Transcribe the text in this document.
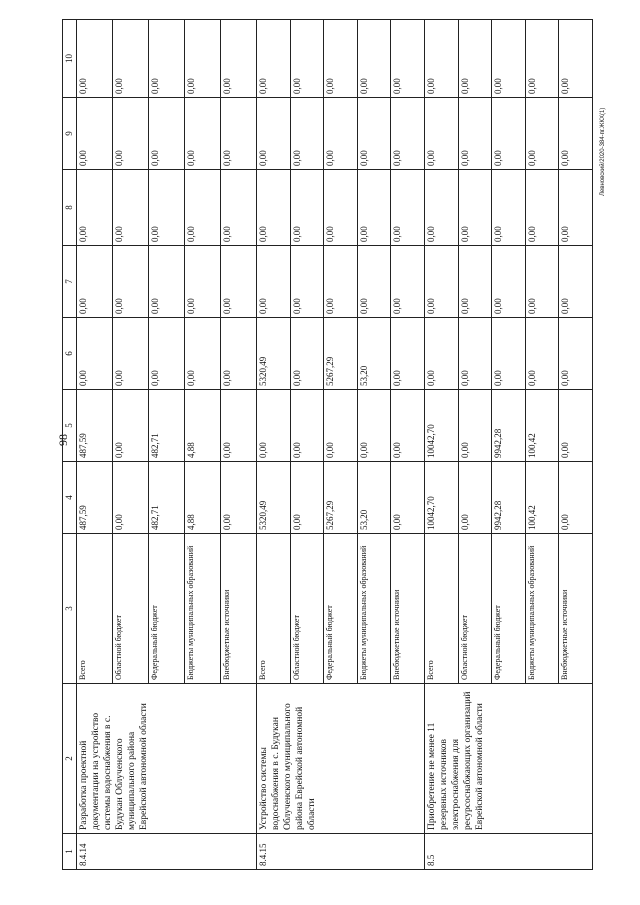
98
Левновский/2020-384-пг.ЖКХ(1)
1	2	3	4	5	6	7	8	9	10
8.4.14	Разработка проектной документации на устройство системы водоснабжения в с. Будукан Облученского муниципального района Еврейской автономной области	Всего	487,59	487,59	0,00	0,00	0,00	0,00	0,00
		Областной бюджет	0,00	0,00	0,00	0,00	0,00	0,00	0,00
		Федеральный бюджет	482,71	482,71	0,00	0,00	0,00	0,00	0,00
		Бюджеты муниципальных образований	4,88	4,88	0,00	0,00	0,00	0,00	0,00
		Внебюджетные источники	0,00	0,00	0,00	0,00	0,00	0,00	0,00
8.4.15	Устройство системы водоснабжения в с. Будукан Облученского муниципального района Еврейской автономной области	Всего	5320,49	0,00	5320,49	0,00	0,00	0,00	0,00
		Областной бюджет	0,00	0,00	0,00	0,00	0,00	0,00	0,00
		Федеральный бюджет	5267,29	0,00	5267,29	0,00	0,00	0,00	0,00
		Бюджеты муниципальных образований	53,20	0,00	53,20	0,00	0,00	0,00	0,00
		Внебюджетные источники	0,00	0,00	0,00	0,00	0,00	0,00	0,00
8.5	Приобретение не менее 11 резервных источников электроснабжения для ресурсоснабжающих организаций Еврейской автономной области	Всего	10042,70	10042,70	0,00	0,00	0,00	0,00	0,00
		Областной бюджет	0,00	0,00	0,00	0,00	0,00	0,00	0,00
		Федеральный бюджет	9942,28	9942,28	0,00	0,00	0,00	0,00	0,00
		Бюджеты муниципальных образований	100,42	100,42	0,00	0,00	0,00	0,00	0,00
		Внебюджетные источники	0,00	0,00	0,00	0,00	0,00	0,00	0,00
